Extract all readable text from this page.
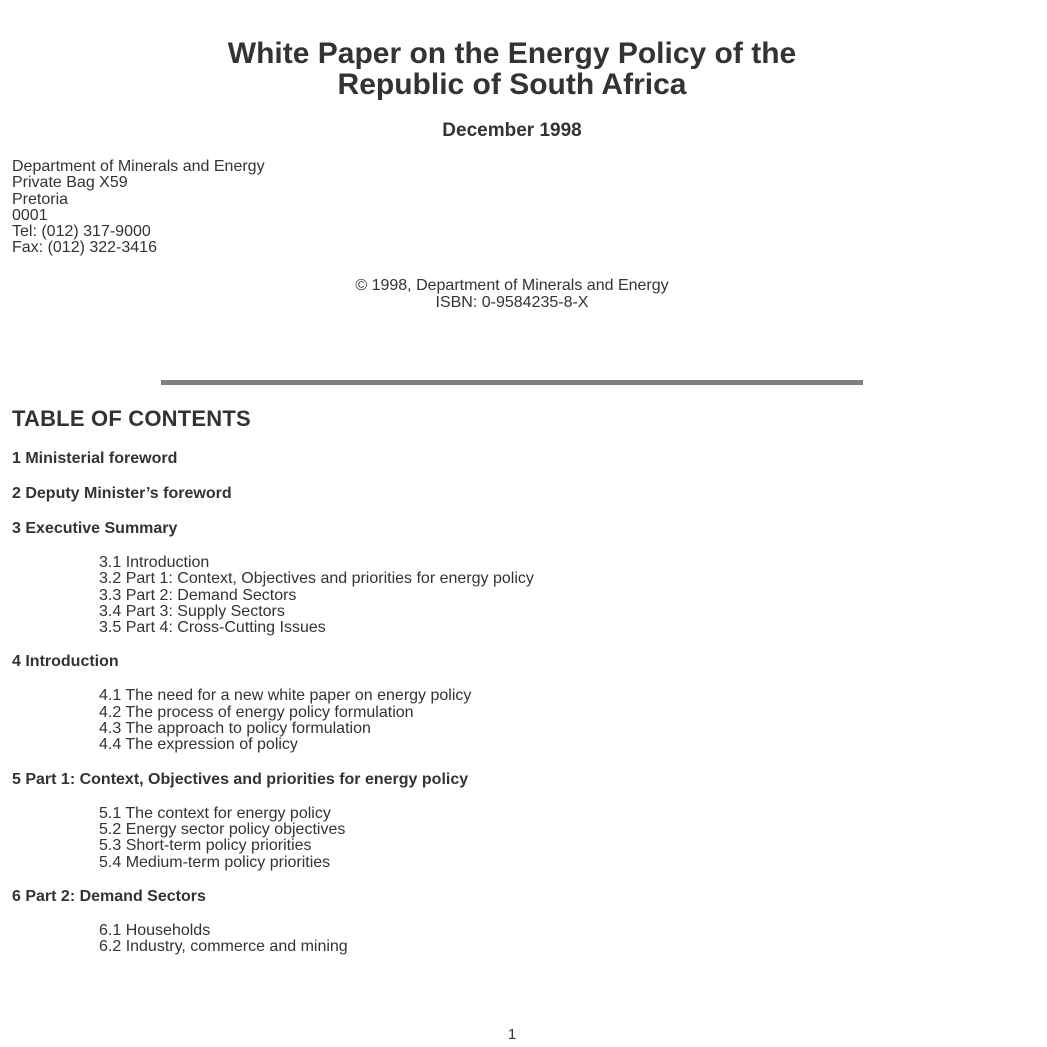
White Paper on the Energy Policy of the
Republic of South Africa
December 1998
Department of Minerals and Energy
Private Bag X59
Pretoria
0001
Tel: (012) 317-9000
Fax: (012) 322-3416
© 1998, Department of Minerals and Energy
ISBN: 0-9584235-8-X
TABLE OF CONTENTS
1 Ministerial foreword
2 Deputy Minister’s foreword
3 Executive Summary
3.1 Introduction
3.2 Part 1: Context, Objectives and priorities for energy policy
3.3 Part 2: Demand Sectors
3.4 Part 3: Supply Sectors
3.5 Part 4: Cross-Cutting Issues
4 Introduction
4.1 The need for a new white paper on energy policy
4.2 The process of energy policy formulation
4.3 The approach to policy formulation
4.4 The expression of policy
5 Part 1: Context, Objectives and priorities for energy policy
5.1 The context for energy policy
5.2 Energy sector policy objectives
5.3 Short-term policy priorities
5.4 Medium-term policy priorities
6 Part 2: Demand Sectors
6.1 Households
6.2 Industry, commerce and mining
1
